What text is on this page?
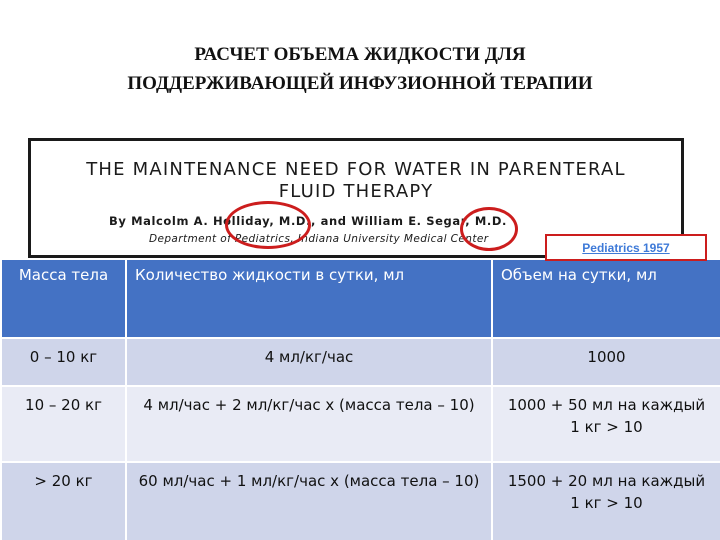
РАСЧЕТ ОБЪЕМА ЖИДКОСТИ ДЛЯ
ПОДДЕРЖИВАЮЩЕЙ ИНФУЗИОННОЙ ТЕРАПИИ
THE MAINTENANCE NEED FOR WATER IN PARENTERAL
FLUID THERAPY
By Malcolm A. Holliday, M.D., and William E. Segar, M.D.
Department of Pediatrics, Indiana University Medical Center
Масса тела	Количество жидкости в сутки, мл	Объем на сутки, мл
0 – 10 кг	4 мл/кг/час	1000
10 – 20 кг	4 мл/час + 2 мл/кг/час х (масса тела – 10)	1000 + 50 мл на каждый 1 кг > 10
> 20 кг	60 мл/час + 1 мл/кг/час х (масса тела – 10)	1500 + 20 мл на каждый 1 кг > 10
Pediatrics 1957
